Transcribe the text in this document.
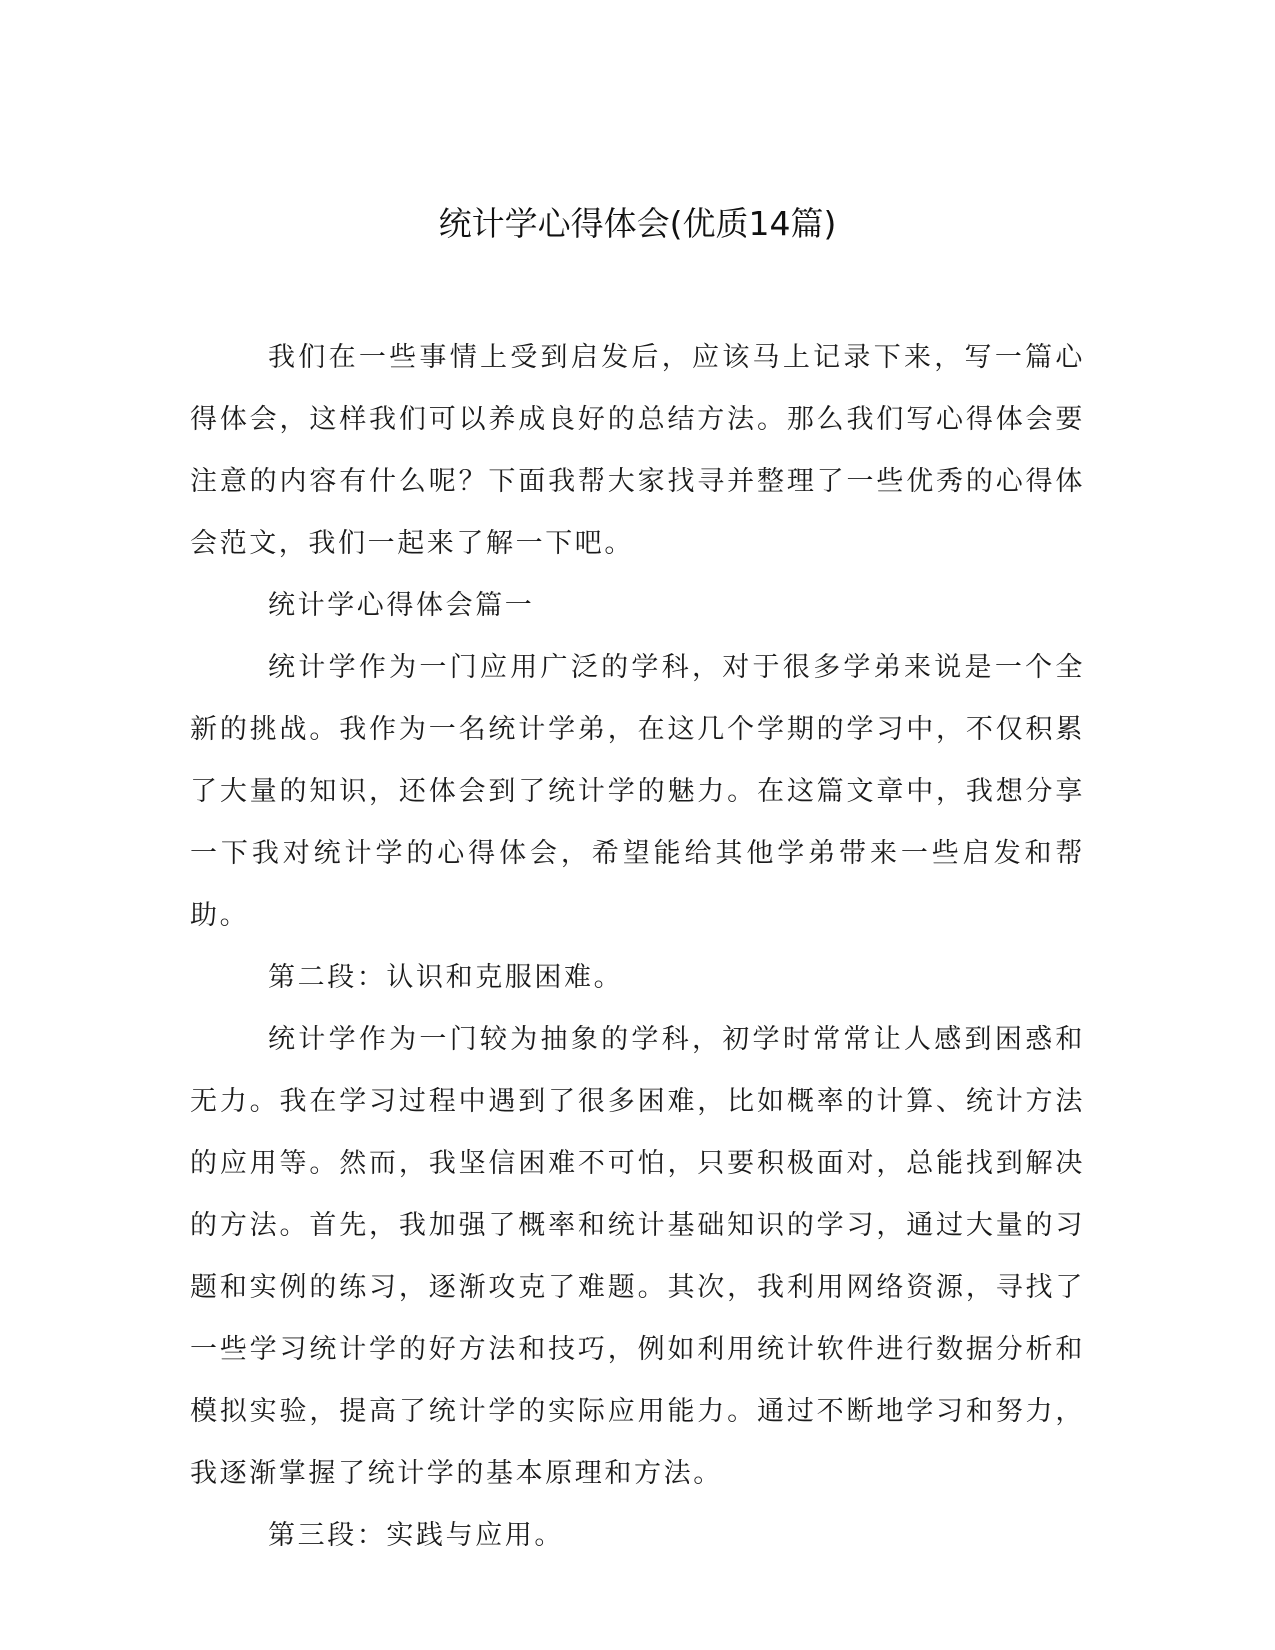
统计学心得体会(优质14篇)

我们在一些事情上受到启发后，应该马上记录下来，写一篇心得体会，这样我们可以养成良好的总结方法。那么我们写心得体会要注意的内容有什么呢？下面我帮大家找寻并整理了一些优秀的心得体会范文，我们一起来了解一下吧。

统计学心得体会篇一

统计学作为一门应用广泛的学科，对于很多学弟来说是一个全新的挑战。我作为一名统计学弟，在这几个学期的学习中，不仅积累了大量的知识，还体会到了统计学的魅力。在这篇文章中，我想分享一下我对统计学的心得体会，希望能给其他学弟带来一些启发和帮助。

第二段：认识和克服困难。

统计学作为一门较为抽象的学科，初学时常常让人感到困惑和无力。我在学习过程中遇到了很多困难，比如概率的计算、统计方法的应用等。然而，我坚信困难不可怕，只要积极面对，总能找到解决的方法。首先，我加强了概率和统计基础知识的学习，通过大量的习题和实例的练习，逐渐攻克了难题。其次，我利用网络资源，寻找了一些学习统计学的好方法和技巧，例如利用统计软件进行数据分析和模拟实验，提高了统计学的实际应用能力。通过不断地学习和努力，我逐渐掌握了统计学的基本原理和方法。

第三段：实践与应用。
